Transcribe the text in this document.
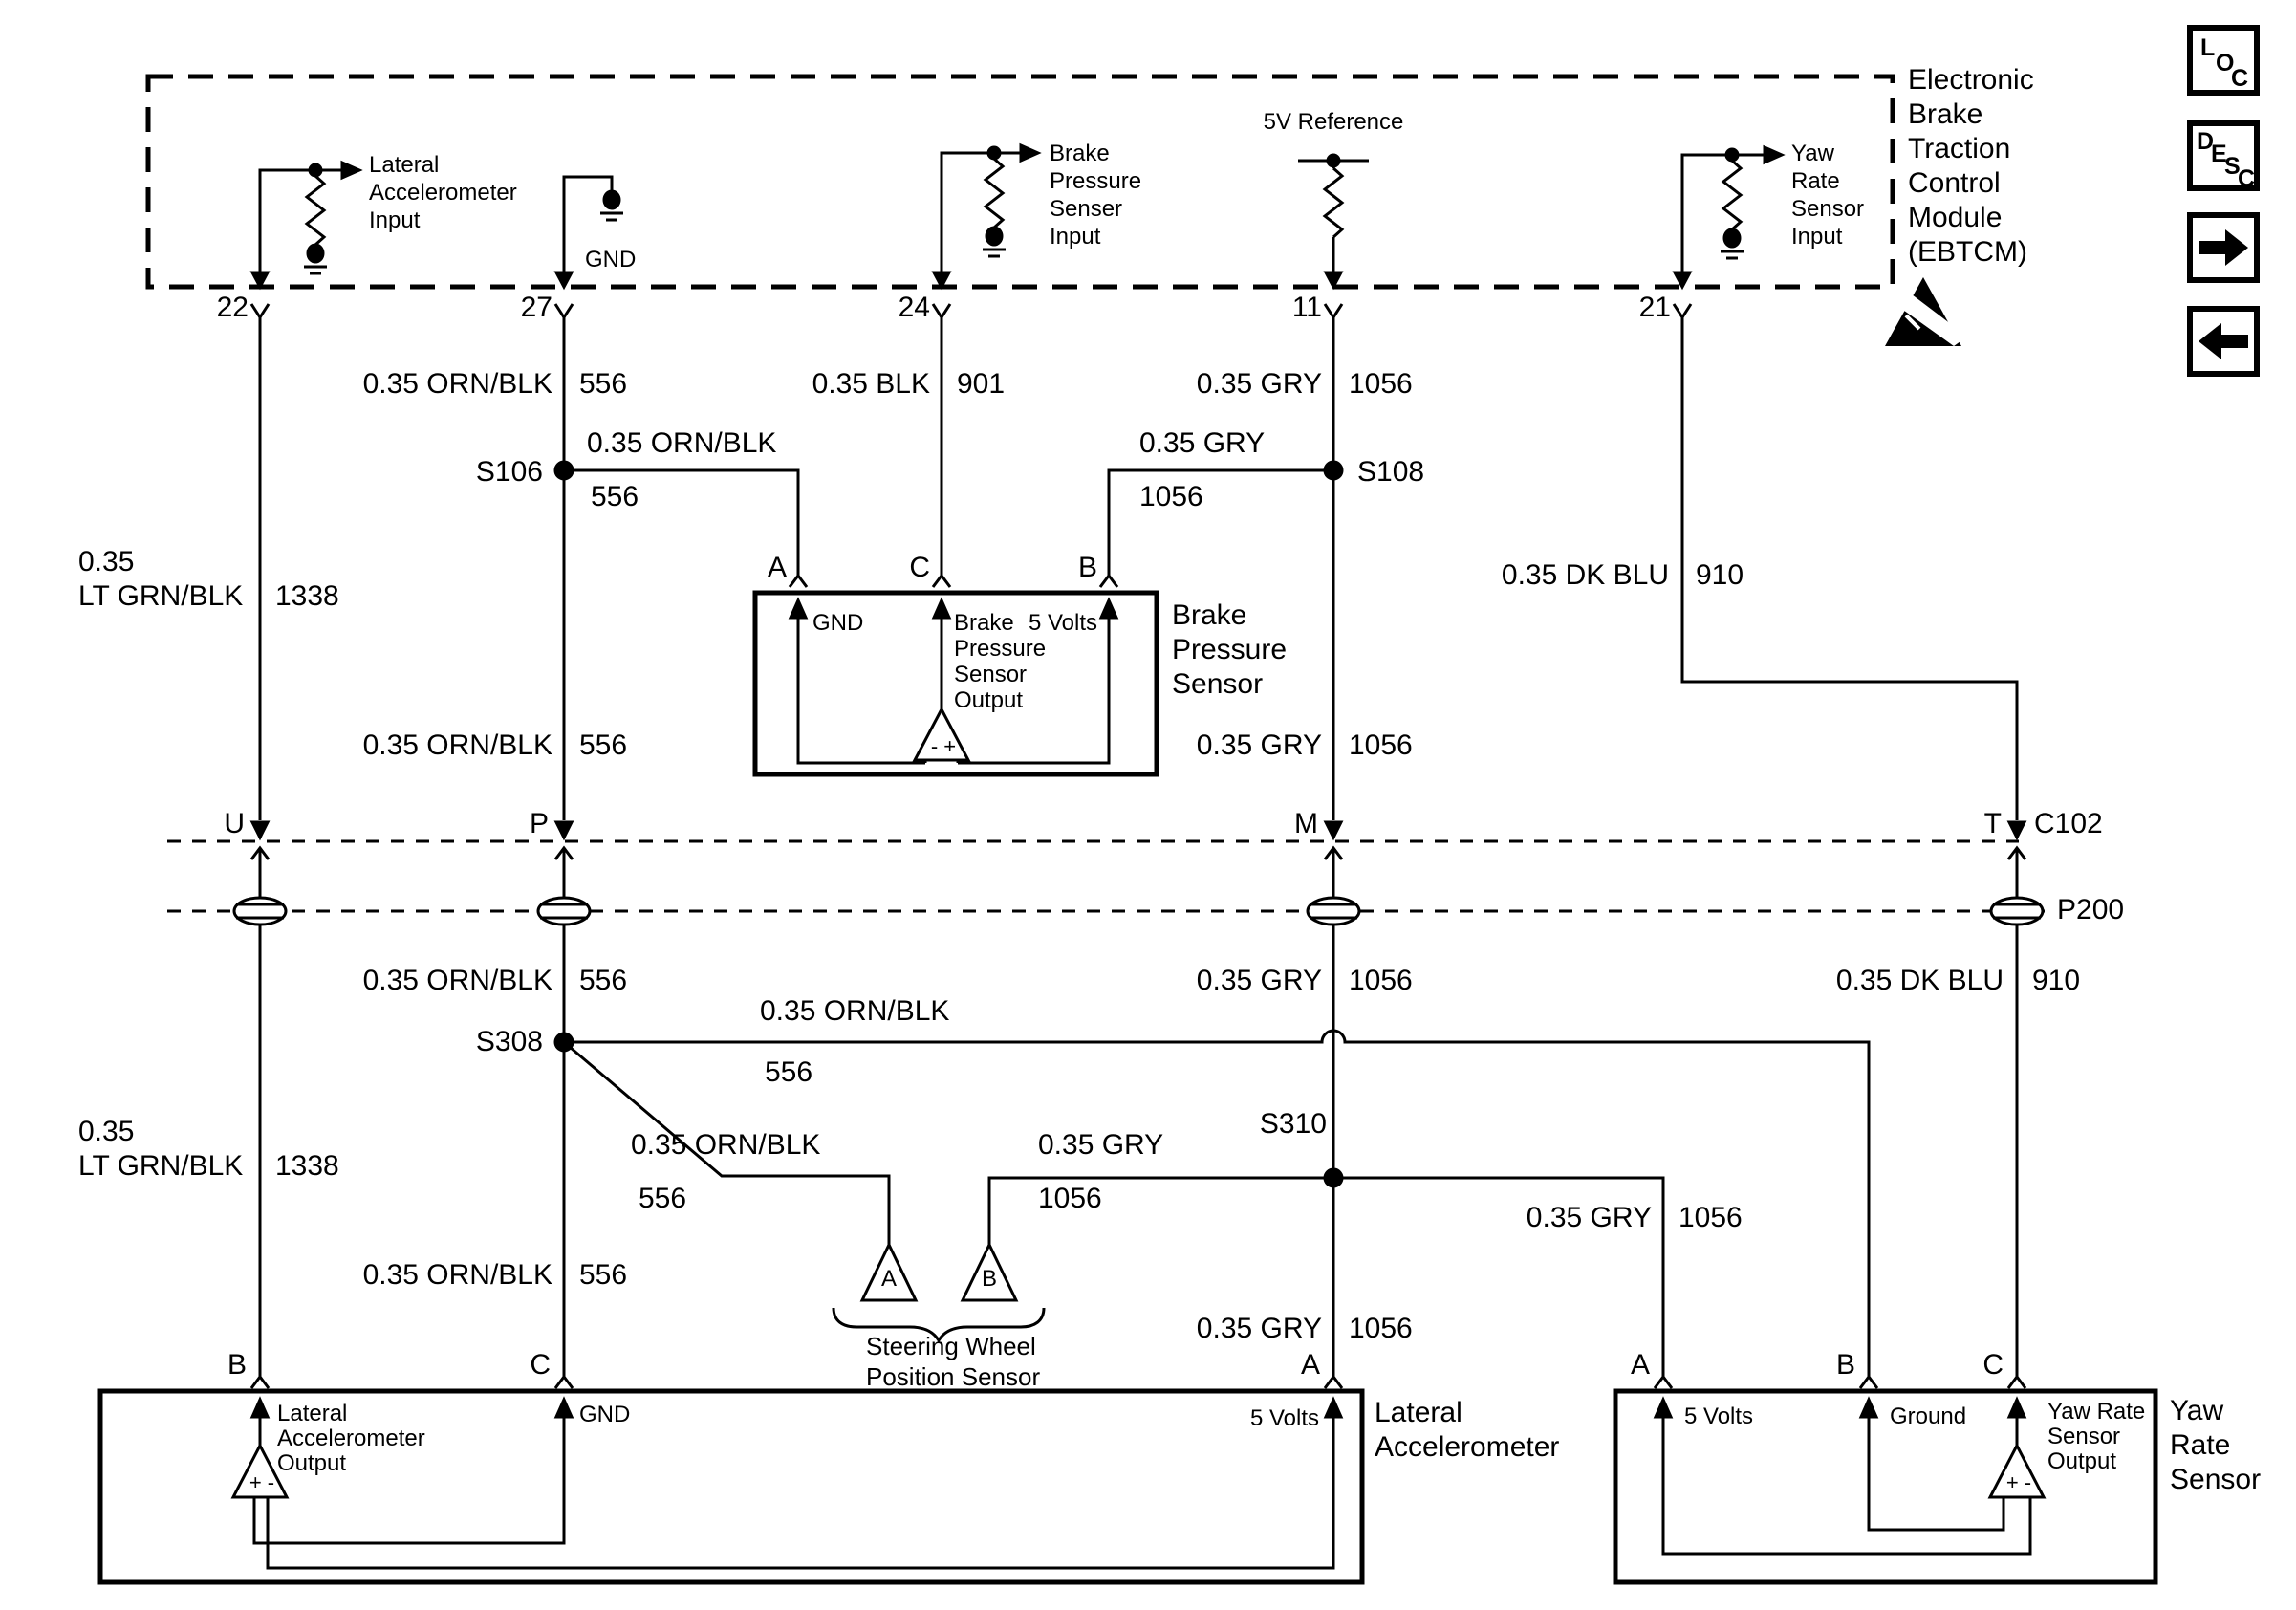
L
O
C
D
E
S
C
Electronic
Brake
Traction
Control
Module
(EBTCM)
Lateral
Accelerometer
Input
GND
Brake
Pressure
Senser
Input
5V Reference
Yaw
Rate
Sensor
Input
22	27	24	11	21
0.35 ORN/BLK 556	0.35 BLK 901	0.35 GRY 1056
S106
0.35 ORN/BLK
556
S108
0.35 GRY
1056
0.35
LT GRN/BLK 1338
0.35 DK BLU 910
A	C	B
GND	Brake
Pressure
Sensor
Output
5 Volts
- +
Brake
Pressure
Sensor
0.35 ORN/BLK 556	0.35 GRY 1056
U	P	M	T C102
P200
0.35 ORN/BLK 556	0.35 GRY 1056	0.35 DK BLU 910
S308
0.35 ORN/BLK
556
0.35
LT GRN/BLK 1338
0.35 ORN/BLK
556
0.35 GRY
1056
S310
A	B
Steering Wheel
Position Sensor
0.35 GRY 1056
0.35 ORN/BLK 556
0.35 GRY 1056
B	C	A	A	B	C
Lateral
Accelerometer
Output
GND	5 Volts
+ -
Lateral
Accelerometer
5 Volts	Ground	Yaw Rate
Sensor
Output
+ -
Yaw
Rate
Sensor
